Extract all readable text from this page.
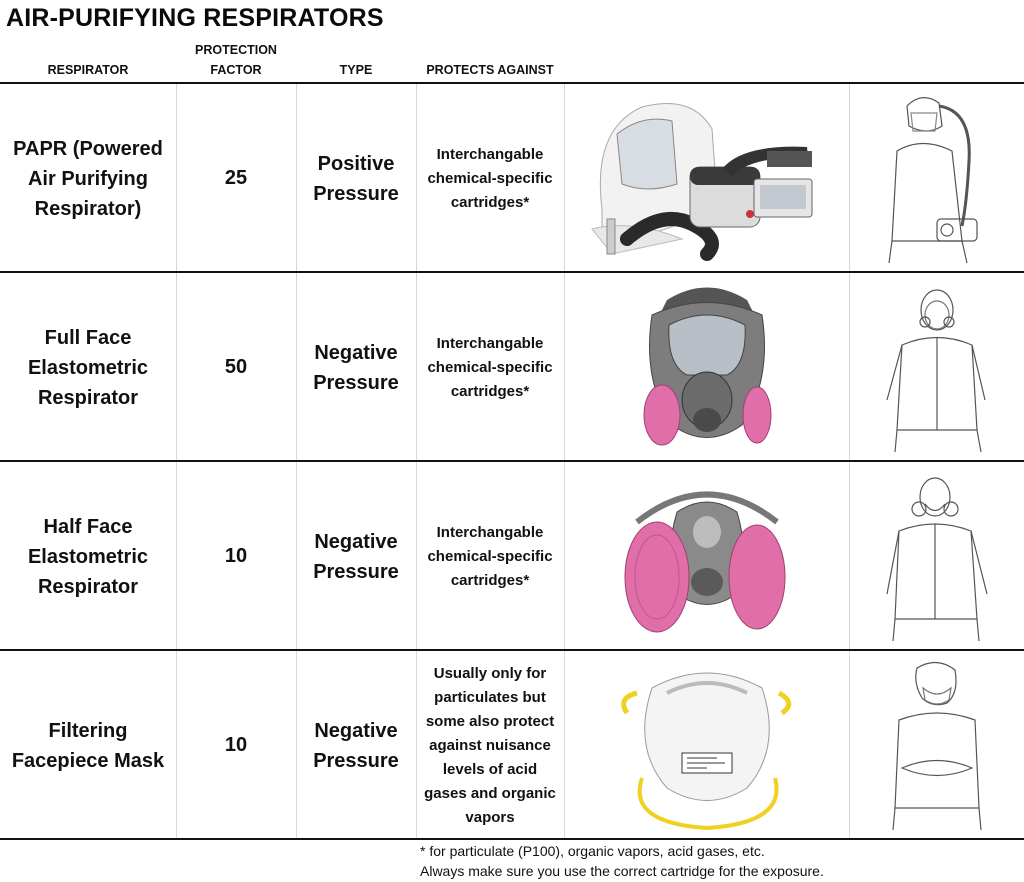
AIR-PURIFYING RESPIRATORS
RESPIRATOR
PROTECTION
FACTOR	TYPE	PROTECTS AGAINST
PAPR (Powered
Air Purifying
Respirator)
25
Positive
Pressure
Interchangable
chemical-specific
cartridges*
Full Face
Elastometric
Respirator
50
Negative
Pressure
Interchangable
chemical-specific
cartridges*
Half Face
Elastometric
Respirator
10
Negative
Pressure
Interchangable
chemical-specific
cartridges*
Filtering
Facepiece Mask
10
Negative
Pressure
Usually only for
particulates but
some also protect
against nuisance
levels of acid
gases and organic
vapors
* for particulate (P100), organic vapors, acid gases, etc.
Always make sure you use the correct cartridge for the exposure.
